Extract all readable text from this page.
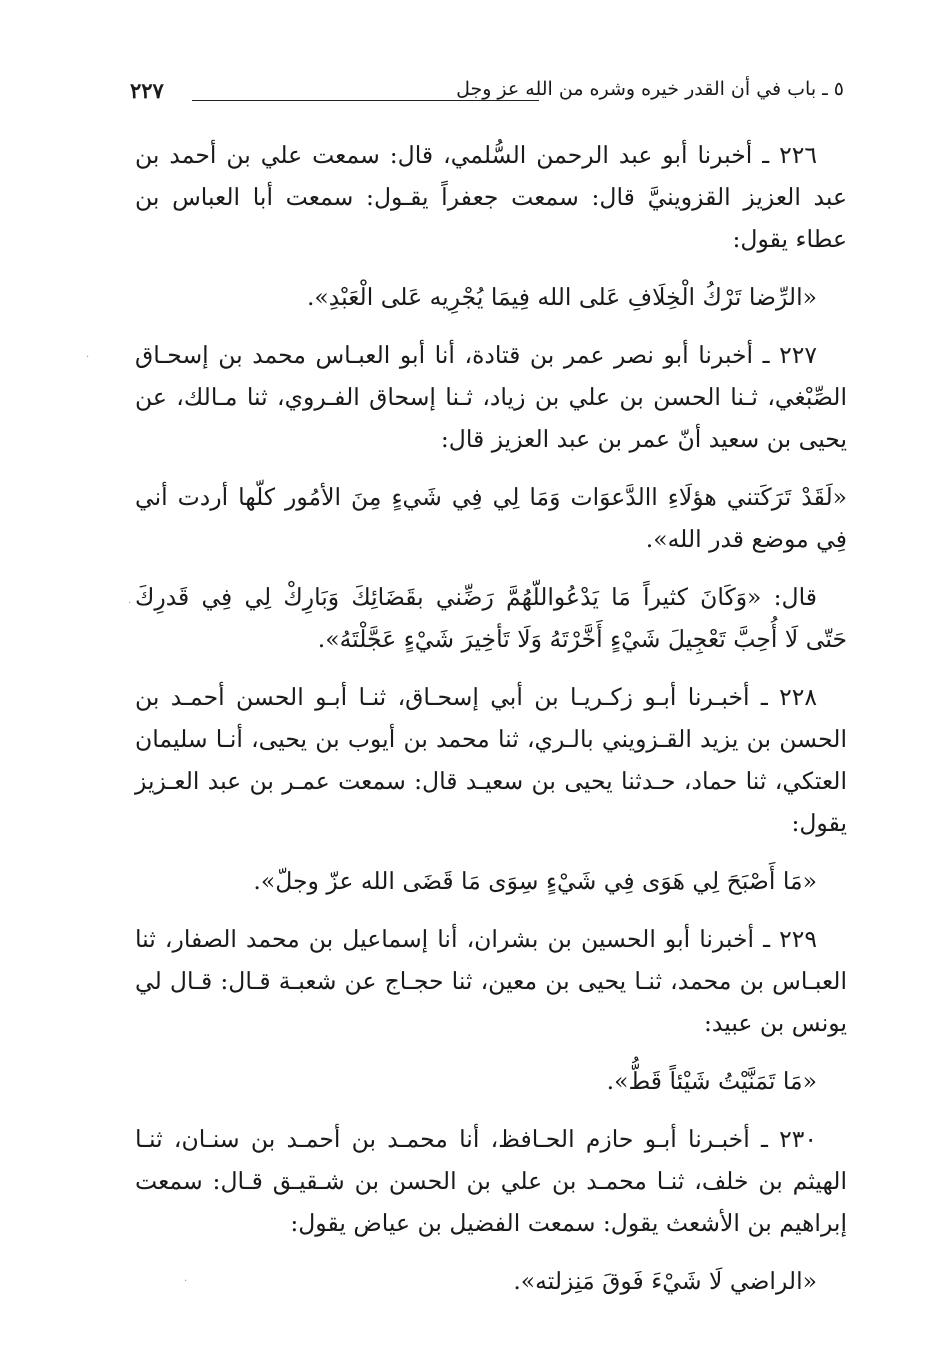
٥ ـ باب في أن القدر خيره وشره من الله عز وجل
٢٢٧

٢٢٦ ـ أخبرنا أبو عبد الرحمن السُّلمي، قال: سمعت علي بن أحمد بن عبد العزيز القزوينيَّ قال: سمعت جعفراً يقـول: سمعت أبا العباس بن عطاء يقول:

«الرِّضا تَرْكُ الْخِلَافِ عَلى الله فِيمَا يُجْرِيه عَلى الْعَبْدِ».

٢٢٧ ـ أخبرنا أبو نصر عمر بن قتادة، أنا أبو العبـاس محمد بن إسحـاق الصِّبْغي، ثـنا الحسن بن علي بن زياد، ثـنا إسحاق الفـروي، ثنا مـالك، عن يحيى بن سعيد أنّ عمر بن عبد العزيز قال:

«لَقَدْ تَرَكَتني هؤلَاءِ االدَّعوَات وَمَا لِي فِي شَيءٍ مِنَ الأمُور كلّها أردت أني فِي موضع قدر الله».

قال: «وَكَانَ كثيراً مَا يَدْعُواللّهُمَّ رَضِّني بقَضَائِكَ وَبَارِكْ لِي فِي قَدرِكَ حَتّى لَا أُحِبَّ تَعْجِيلَ شَيْءٍ أَخَّرْتَهُ وَلَا تَأخِيرَ شَيْءٍ عَجَّلْتَهُ».

٢٢٨ ـ أخبـرنا أبـو زكـريـا بن أبي إسحـاق، ثنـا أبـو الحسن أحمـد بن الحسن بن يزيد القـزويني بالـري، ثنا محمد بن أيوب بن يحيى، أنـا سليمان العتكي، ثنا حماد، حـدثنا يحيى بن سعيـد قال: سمعت عمـر بن عبد العـزيز يقول:

«مَا أَصْبَحَ لِي هَوَى فِي شَيْءٍ سِوَى مَا قَضَى الله عزّ وجلّ».

٢٢٩ ـ أخبرنا أبو الحسين بن بشران، أنا إسماعيل بن محمد الصفار، ثنا العبـاس بن محمد، ثنـا يحيى بن معين، ثنا حجـاج عن شعبـة قـال: قـال لي يونس بن عبيد:

«مَا تَمَنَّيْتُ شَيْئاً قَطُّ».

٢٣٠ ـ أخبـرنا أبـو حازم الحـافظ، أنا محمـد بن أحمـد بن سنـان، ثنـا الهيثم بن خلف، ثنـا محمـد بن علي بن الحسن بن شـقيـق قـال: سمعت إبراهيم بن الأشعث يقول: سمعت الفضيل بن عياض يقول:

«الراضي لَا شَيْءَ فَوقَ مَنِزلته».

·
·
·
